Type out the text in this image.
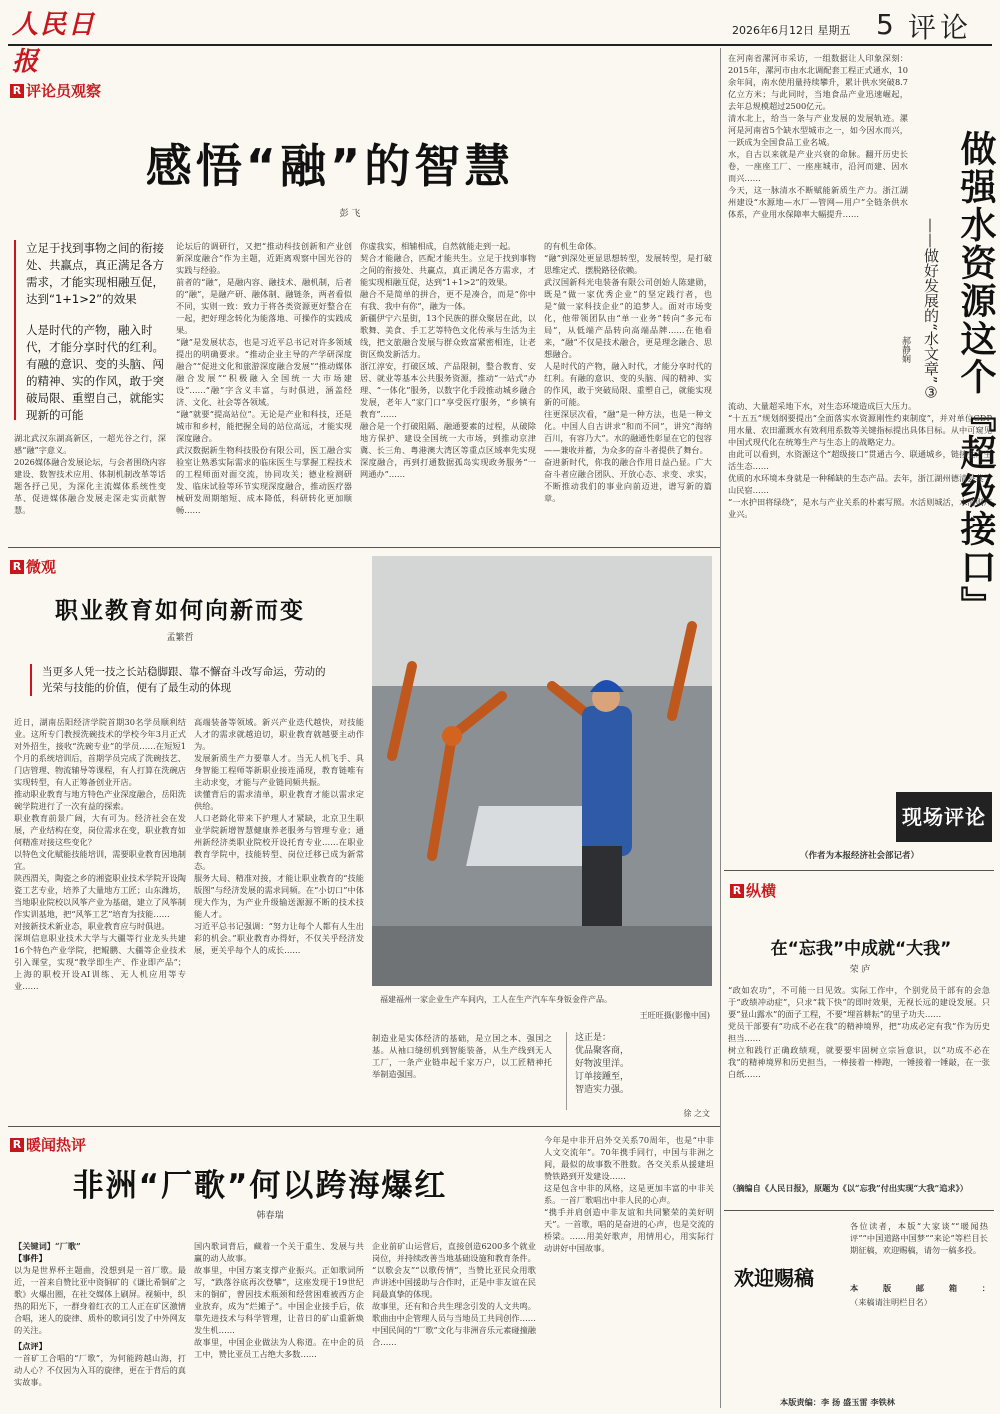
人民日报
2026年6月12日 星期五 5 评论
R 评论员观察
感悟“融”的智慧
彭 飞
立足于找到事物之间的衔接处、共赢点，真正满足各方需求，才能实现相融互促，达到“1+1>2”的效果
人是时代的产物，融入时代，才能分享时代的红利。有融的意识、变的头脑、闯的精神、实的作风，敢于突破局限、重塑自己，就能实现新的可能
湖北武汉东湖高新区，一超光谷之行，深感“融”字意义。
2026媒体融合发展论坛，与会者围绕内容建设、数智技术应用、体制机制改革等话题各抒己见，为深化主流媒体系统性变革、促进媒体融合发展走深走实贡献智慧。
论坛后的调研行，又把“推动科技创新和产业创新深度融合”作为主题，近距离观察中国光谷的实践与经验。
前者的“融”，是融内容、融技术、融机制，后者的“融”，是融产研、融体制、融链条，两者看似不同，实则一致：致力于将各类资源更好整合在一起，把好理念转化为能落地、可操作的实践成果。
“融”是发展状态，也是习近平总书记对许多领域提出的明确要求。“推动企业主导的产学研深度融合”“促进文化和旅游深度融合发展”“推动媒体融合发展”“积极融入全国统一大市场建设”……“融”字含义丰富，与时俱进，涵盖经济、文化、社会等各领域。
“融”就要“提高站位”。无论是产业和科技，还是城市和乡村，能把握全局的站位高远，才能实现深度融合。
武汉数据新生物科技股份有限公司，医工融合实验室让熟悉实际需求的临床医生与掌握工程技术的工程师面对面交流，协同攻关；德业检测研发、临床试验等环节实现深度融合，推动医疗器械研发周期缩短、成本降低，科研转化更加顺畅……
你虚我实，相辅相成，自然就能走到一起。
契合才能融合，匹配才能共生。立足于找到事物之间的衔接处、共赢点，真正满足各方需求，才能实现相融互促，达到“1+1>2”的效果。
融合不是简单的拼合，更不是凑合，而是“你中有我、我中有你”，融为一体。
新疆伊宁六星街，13个民族的群众聚居在此，以歌舞、美食、手工艺等特色文化传承与生活为主线，把文旅融合发展与群众致富紧密相连，让老街区焕发新活力。
浙江淳安，打破区域、产品限制，整合教育、安居、就业等基本公共服务资源，推动“一站式”办理、“一体化”服务，以数字化手段推动城乡融合发展，老年人“家门口”享受医疗服务，“乡镇有教育”……
融合是一个打破阻隔、融通要素的过程，从破除地方保护、建设全国统一大市场，到推动京津冀、长三角、粤港澳大湾区等重点区域率先实现深度融合，再到打通数据孤岛实现政务服务“一网通办”……
的有机生命体。
“融”到深处更显思想转型，发展转型，是打破思维定式、摆脱路径依赖。
武汉国新科光电装备有限公司创始人陈建勋，既是“做一家优秀企业”的坚定践行者，也是“做一家科技企业”的追梦人。面对市场变化，他带领团队由“单一业务”转向“多元布局”，从低端产品转向高端品牌……在他看来，“融”不仅是技术融合，更是理念融合、思想融合。
人是时代的产物，融入时代，才能分享时代的红利。有融的意识、变的头脑、闯的精神、实的作风，敢于突破局限、重塑自己，就能实现新的可能。
往更深层次看，“融”是一种方法，也是一种文化。中国人自古讲求“和而不同”，讲究“海纳百川，有容乃大”。水的融通性彰显在它的包容——兼收并蓄，为众多的奋斗者提供了舞台。
奋进新时代，你我的融合作用日益凸显。广大奋斗者应融合团队、开放心态、求变、求实，不断推动我们的事业向前迈进，谱写新的篇章。
R 微观
职业教育如何向新而变
孟繁哲
当更多人凭一技之长站稳脚跟、靠不懈奋斗改写命运，劳动的光荣与技能的价值，便有了最生动的体现
近日，湖南岳阳经济学院首期30名学员顺利结业。这所专门教授洗碗技术的学校今年3月正式对外招生，接收“洗碗专业”的学员……在短短1个月的系统培训后，首期学员完成了洗碗技艺、门店管理、物流辅导等课程，有人打算在洗碗店实现转型，有人正筹备创业开店。
推动职业教育与地方特色产业深度融合，岳阳洗碗学院进行了一次有益的探索。
职业教育前景广阔，大有可为。经济社会在发展，产业结构在变，岗位需求在变，职业教育如何精准对接这些变化？
以特色文化赋能技能培训，需要职业教育因地制宜。
陕西渭关，陶瓷之乡的湘瓷职业技术学院开设陶瓷工艺专业，培养了大量地方工匠；山东潍坊，当地职业院校以风筝产业为基础，建立了风筝制作实训基地，把“风筝工艺”培育为技能……
对接新技术新业态，职业教育应与时俱进。
深圳信息职业技术大学与大疆等行业龙头共建16个特色产业学院，把鲲鹏、大疆等企业技术引入课堂，实现“教学即生产、作业即产品”；上海的职校开设AI训练、无人机应用等专业……
高端装备等领域。新兴产业迭代越快，对技能人才的需求就越迫切，职业教育就越要主动作为。
发展新质生产力要靠人才。当无人机飞手、具身智能工程师等新职业接连涌现，教育链唯有主动求变，才能与产业链同频共振。
读懂背后的需求清单，职业教育才能以需求定供给。
人口老龄化带来下护理人才紧缺，北京卫生职业学院新增智慧健康养老服务与管理专业；通州新经济类职业院校开设托育专业……在职业教育学院中，技能转型、岗位迁移已成为新常态。
服务大局、精准对接，才能让职业教育的“技能版图”与经济发展的需求同频。在“小切口”中体现大作为，为产业升级输送源源不断的技术技能人才。
习近平总书记强调：“努力让每个人都有人生出彩的机会。”职业教育办得好，不仅关乎经济发展，更关乎每个人的成长……
福建福州一家企业生产车间内，工人在生产汽车车身钣金件产品。
王旺旺摄(影像中国)
制造业是实体经济的基础，是立国之本、强国之基。从袖口缝纫机到智能装备，从生产线到无人工厂，一条产业链串起千家万户，以工匠精神托举制造强国。
这正是：
优品聚客商，
好物波里洋。
订单接踵至，
智造实力强。
徐 之文
R 暖闻热评
非洲“厂歌”何以跨海爆红
韩春瑞
今年是中非开启外交关系70周年，也是“中非人文交流年”。70年携手同行，中国与非洲之间，最似的故事数不胜数。各交关系从援建坦赞铁路到开发建设……
这是包含中非的风格，这是更加丰富的中非关系。一首厂歌唱出中非人民的心声。
“携手并肩创造中非友谊和共同繁荣的美好明天”。一首歌，唱的是奋进的心声，也是交流的桥梁。……用美好歌声，用情用心，用实际行动讲好中国故事。
【关键词】“厂歌”
【事件】
以为是世界杯主题曲，没想到是一首厂歌。最近，一首来自赞比亚中资铜矿的《谦比希铜矿之歌》火爆出圈，在社交媒体上刷屏。视频中，织热的阳光下，一群身着红衣的工人正在矿区激情合唱，迷人的旋律、质朴的歌词引发了中外网友的关注。
【点评】
一首矿工合唱的“厂歌”，为何能跨越山海，打动人心？不仅因为入耳的旋律，更在于背后的真实故事。
国内歌词背后，藏着一个关于重生、发展与共赢的动人故事。
故事里，中国方案支撑产业振兴。正如歌词所写，“跌落谷底再次登攀”，这座发现于19世纪末的铜矿，曾因技术瓶颈和经营困难被西方企业放弃，成为“烂摊子”。中国企业接手后，依靠先进技术与科学管理，让昔日的矿山重新焕发生机……
故事里，中国企业做法为人称道。在中企的员工中，赞比亚员工占绝大多数……
企业前矿山运营后，直接创造6200多个就业岗位，并持续改善当地基础设施和教育条件。
“以歌会友”“以歌传情”，当赞比亚民众用歌声讲述中国援助与合作时，正是中非友谊在民间最真挚的体现。
故事里，还有和合共生理念引发的人文共鸣。歌曲由中企管理人员与当地员工共同创作……中国民间的“厂歌”文化与非洲音乐元素碰撞融合……
在河南省漯河市采访，一组数据让人印象深刻：2015年，漯河市由水北调配套工程正式通水，10余年间，南水使用量持续攀升，累计供水突破8.7亿立方米；与此同时，当地食品产业迅速崛起，去年总规模超过2500亿元。
清水北上，给当一条与产业发展的发展轨迹。漯河是河南省5个缺水型城市之一，如今因水而兴，一跃成为全国食品工业名城。
水，自古以来就是产业兴衰的命脉。翻开历史长卷，一座座工厂、一座座城市，沿河而建、因水而兴……
今天，这一脉清水不断赋能新质生产力。浙江湖州建设“水源地—水厂—管网—用户”全链条供水体系，产业用水保障率大幅提升……	做强水资源这个『超级接口』
——做好发展的“水文章”③
郝静娴
流动、大量超采地下水，对生态环境造成巨大压力。
“十五五”规划纲要提出“全面落实水资源刚性约束制度”，并对单位GDP用水量、农田灌溉水有效利用系数等关键指标提出具体目标。从中可窥见中国式现代化在统筹生产与生态上的战略定力。
由此可以看到，水资源这个“超级接口”贯通古今、联通城乡，链接生产生活生态……
优质的水环境本身就是一种稀缺的生态产品。去年，浙江湖州德清县莫干山民宿……
“一水护田将绿绕”，是水与产业关系的朴素写照。水活则城活，水清则产业兴。
现场评论
（作者为本报经济社会部记者）
R 纵横
在“忘我”中成就“大我”
荣 庐
“政如农功”，不可能一日见效。实际工作中，个别党员干部有的会急于“政绩冲动症”，只求“栽下快”的即时效果，无视长远的建设发展。只要“显山露水”的面子工程，不要“埋首耕耘”的里子功夫……
党员干部要有“功成不必在我”的精神境界，把“功成必定有我”作为历史担当……
树立和践行正确政绩观，就要要牢固树立宗旨意识，以“功成不必在我”的精神境界和历史担当，一棒接着一棒跑，一锤接着一锤敲，在一张白纸……
（摘编自《人民日报》，原题为《以“忘我”付出实现“大我”追求》）
欢迎赐稿
各位读者，本版“大家谈”“暖闻热评”“中国道路中国梦”“来论”等栏目长期征稿，欢迎赐稿，请勿一稿多投。
本版邮箱：
（来稿请注明栏目名）
本版责编：李 扬 盛玉雷 李铁林
